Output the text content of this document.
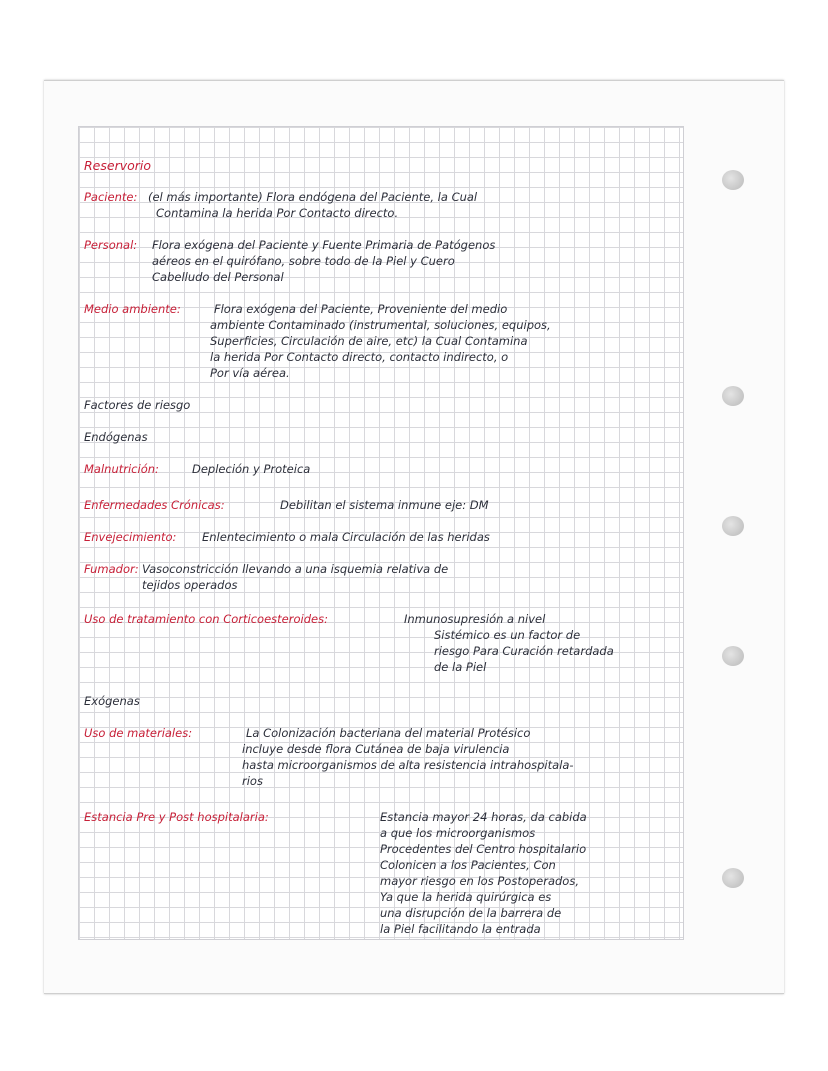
Reservorio
Paciente: (el más importante) Flora endógena del Paciente, la Cual
Contamina la herida Por Contacto directo.
Personal: Flora exógena del Paciente y Fuente Primaria de Patógenos
aéreos en el quirófano, sobre todo de la Piel y Cuero
Cabelludo del Personal
Medio ambiente:	Flora exógena del Paciente, Proveniente del medio
ambiente Contaminado (instrumental, soluciones, equipos,
Superficies, Circulación de aire, etc) la Cual Contamina
la herida Por Contacto directo, contacto indirecto, o
Por vía aérea.
Factores de riesgo
Endógenas
Malnutrición:	Depleción y Proteica
Enfermedades Crónicas:	Debilitan el sistema inmune eje: DM
Envejecimiento: Enlentecimiento o mala Circulación de las heridas
Fumador: Vasoconstricción llevando a una isquemia relativa de
tejidos operados
Uso de tratamiento con Corticoesteroides:	Inmunosupresión a nivel
Sistémico es un factor de
riesgo Para Curación retardada
de la Piel
Exógenas
Uso de materiales:	La Colonización bacteriana del material Protésico
incluye desde flora Cutánea de baja virulencia
hasta microorganismos de alta resistencia intrahospitala-
rios
Estancia Pre y Post hospitalaria:	Estancia mayor 24 horas, da cabida
a que los microorganismos
Procedentes del Centro hospitalario
Colonicen a los Pacientes, Con
mayor riesgo en los Postoperados,
Ya que la herida quirúrgica es
una disrupción de la barrera de
la Piel facilitando la entrada
